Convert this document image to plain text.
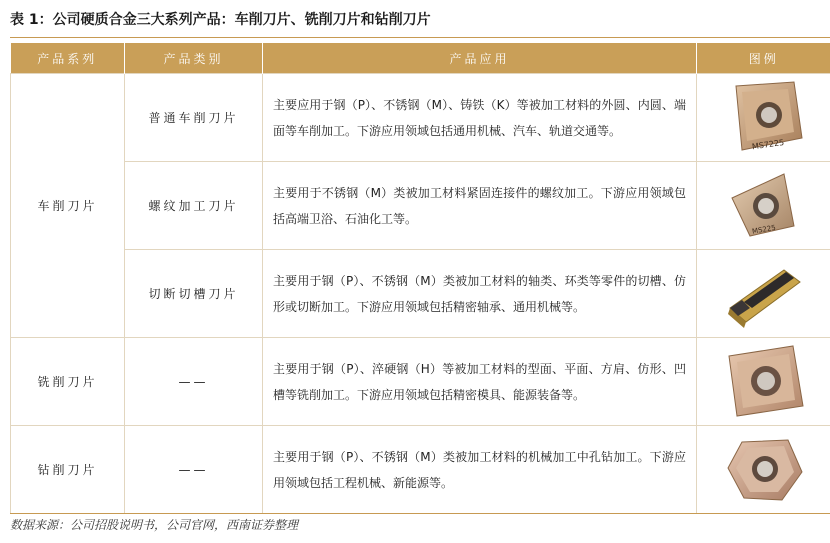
表 1：公司硬质合金三大系列产品：车削刀片、铣削刀片和钻削刀片
产品系列	产品类别	产品应用	图例
车削刀片	普通车削刀片	主要应用于钢（P）、不锈钢（M）、铸铁（K）等被加工材料的外圆、内圆、端面等车削加工。下游应用领域包括通用机械、汽车、轨道交通等。	MS7225

	螺纹加工刀片	主要用于不锈钢（M）类被加工材料紧固连接件的螺纹加工。下游应用领域包括高端卫浴、石油化工等。	MS225

	切断切槽刀片	主要用于钢（P）、不锈钢（M）类被加工材料的轴类、环类等零件的切槽、仿形或切断加工。下游应用领域包括精密轴承、通用机械等。	

铣削刀片	——	主要用于钢（P）、淬硬钢（H）等被加工材料的型面、平面、方肩、仿形、凹槽等铣削加工。下游应用领域包括精密模具、能源装备等。	

钻削刀片	——	主要用于钢（P）、不锈钢（M）类被加工材料的机械加工中孔钻加工。下游应用领域包括工程机械、新能源等。	
数据来源：公司招股说明书，公司官网，西南证券整理
